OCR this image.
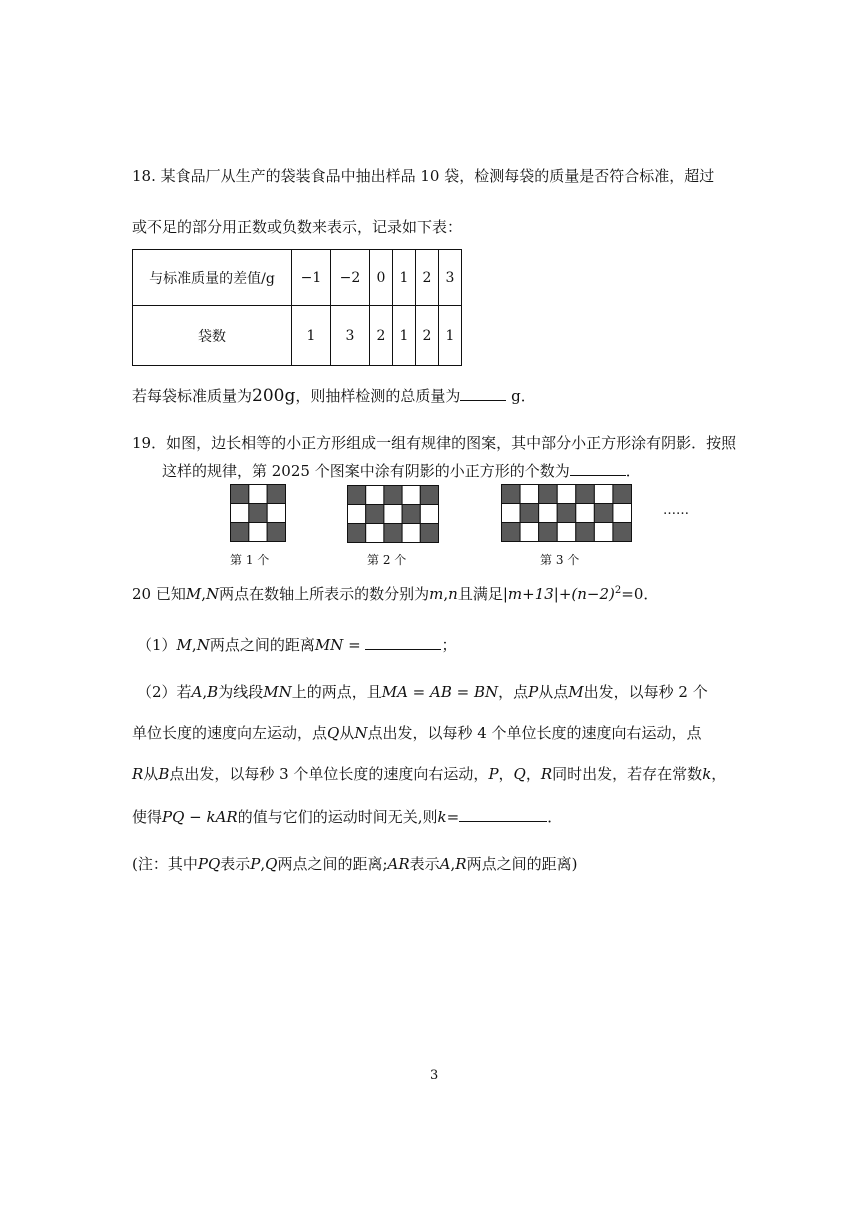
18. 某食品厂从生产的袋装食品中抽出样品 10 袋，检测每袋的质量是否符合标准，超过
或不足的部分用正数或负数来表示，记录如下表：
与标准质量的差值/g	−1	−2	0	1	2	3
袋数	1	3	2	1	2	1
若每袋标准质量为200g，则抽样检测的总质量为	g．
19．如图，边长相等的小正方形组成一组有规律的图案，其中部分小正方形涂有阴影．按照
这样的规律，第 2025 个图案中涂有阴影的小正方形的个数为	．
第 1 个	第 2 个	第 3 个
……
20 已知M,N两点在数轴上所表示的数分别为m,n且满足$|m+13|+(n-2)^2=0$．
（1）M,N两点之间的距离MN =	；
（2）若A,B为线段MN上的两点，且MA = AB = BN，点P从点M出发，以每秒 2 个
单位长度的速度向左运动，点Q从N点出发，以每秒 4 个单位长度的速度向右运动，点
R从B点出发，以每秒 3 个单位长度的速度向右运动，P，Q，R同时出发，若存在常数k，
使得PQ − kAR的值与它们的运动时间无关,则k=	．
(注：其中PQ表示P,Q两点之间的距离;AR表示A,R两点之间的距离)
3
